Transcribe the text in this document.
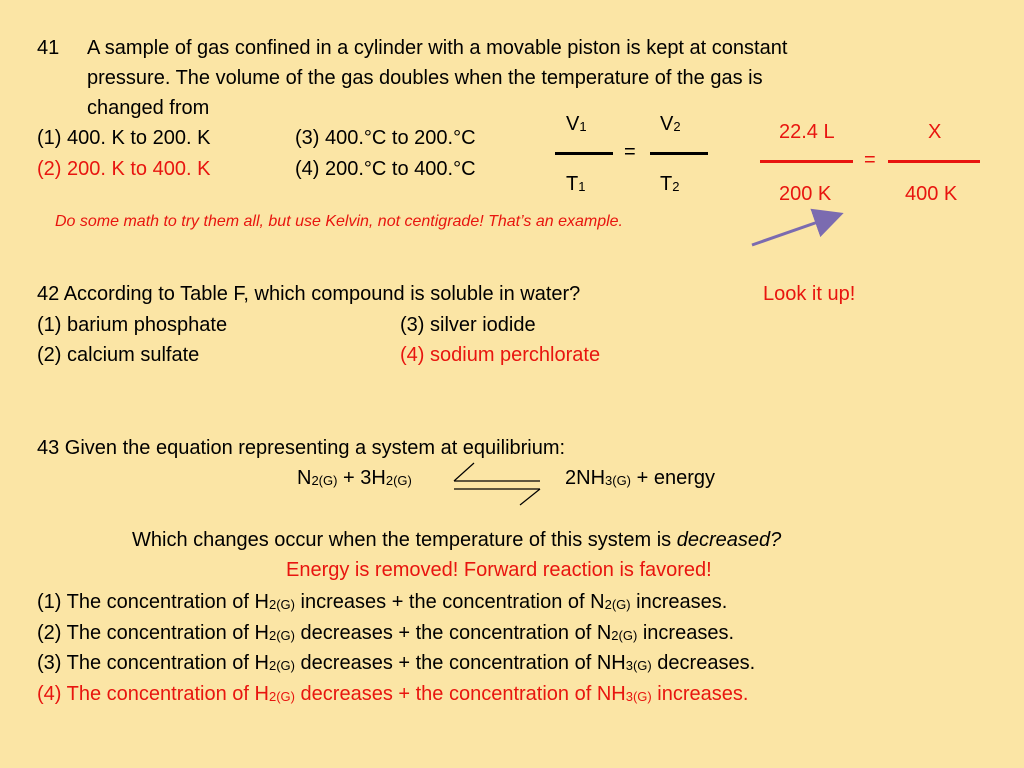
41 A sample of gas confined in a cylinder with a movable piston is kept at constant
pressure. The volume of the gas doubles when the temperature of the gas is
changed from
(1) 400. K to 200. K	(3) 400.°C to 200.°C
(2) 200. K to 400. K	(4) 200.°C to 400.°C
$V_1$
$T_1$
=
$V_2$
$T_2$
22.4 L	X
=
200 K	400 K
Do some math to try them all, but use Kelvin, not centigrade! That’s an example.
42 According to Table F, which compound is soluble in water?	Look it up!
(1) barium phosphate	(3) silver iodide
(2) calcium sulfate	(4) sodium perchlorate
43 Given the equation representing a system at equilibrium:
$N_{2(G)} + 3H_{2(G)}$	$2NH_{3(G)}$ + energy
Which changes occur when the temperature of this system is decreased?
Energy is removed! Forward reaction is favored!
(1) The concentration of $H_{2(G)}$ increases + the concentration of $N_{2(G)}$ increases.
(2) The concentration of $H_{2(G)}$ decreases + the concentration of $N_{2(G)}$ increases.
(3) The concentration of $H_{2(G)}$ decreases + the concentration of $NH_{3(G)}$ decreases.
(4) The concentration of $H_{2(G)}$ decreases + the concentration of $NH_{3(G)}$ increases.
